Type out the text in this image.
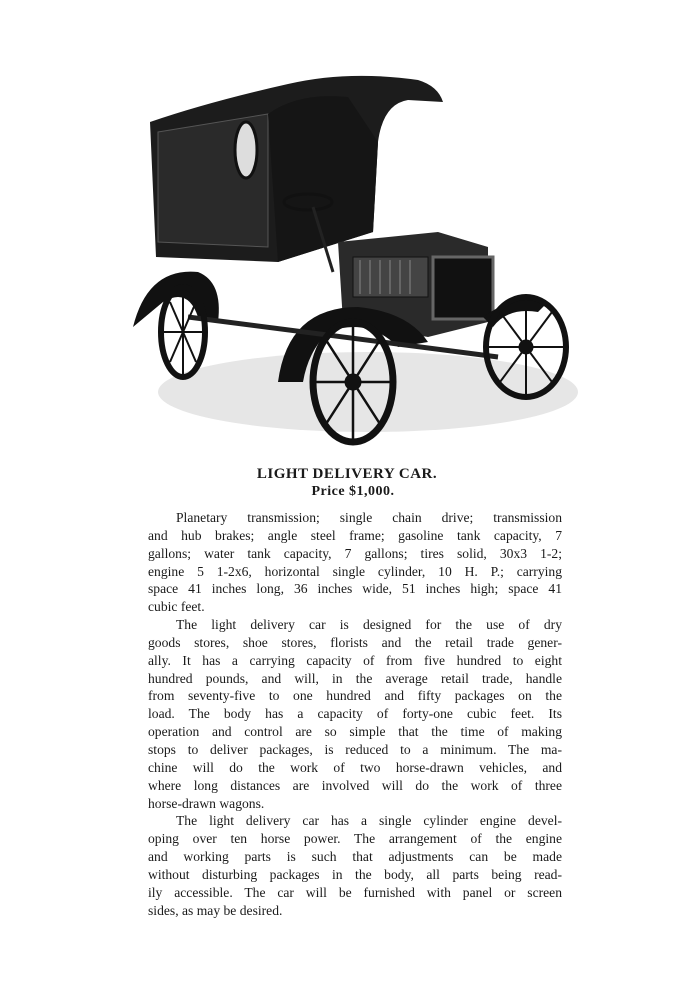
LIGHT DELIVERY CAR.
Price $1,000.
Planetary transmission; single chain drive; transmission
and hub brakes; angle steel frame; gasoline tank capacity, 7
gallons; water tank capacity, 7 gallons; tires solid, 30x3 1-2;
engine 5 1-2x6, horizontal single cylinder, 10 H. P.; carrying
space 41 inches long, 36 inches wide, 51 inches high; space 41
cubic feet.
The light delivery car is designed for the use of dry
goods stores, shoe stores, florists and the retail trade gener-
ally. It has a carrying capacity of from five hundred to eight
hundred pounds, and will, in the average retail trade, handle
from seventy-five to one hundred and fifty packages on the
load. The body has a capacity of forty-one cubic feet. Its
operation and control are so simple that the time of making
stops to deliver packages, is reduced to a minimum. The ma-
chine will do the work of two horse-drawn vehicles, and
where long distances are involved will do the work of three
horse-drawn wagons.
The light delivery car has a single cylinder engine devel-
oping over ten horse power. The arrangement of the engine
and working parts is such that adjustments can be made
without disturbing packages in the body, all parts being read-
ily accessible. The car will be furnished with panel or screen
sides, as may be desired.
